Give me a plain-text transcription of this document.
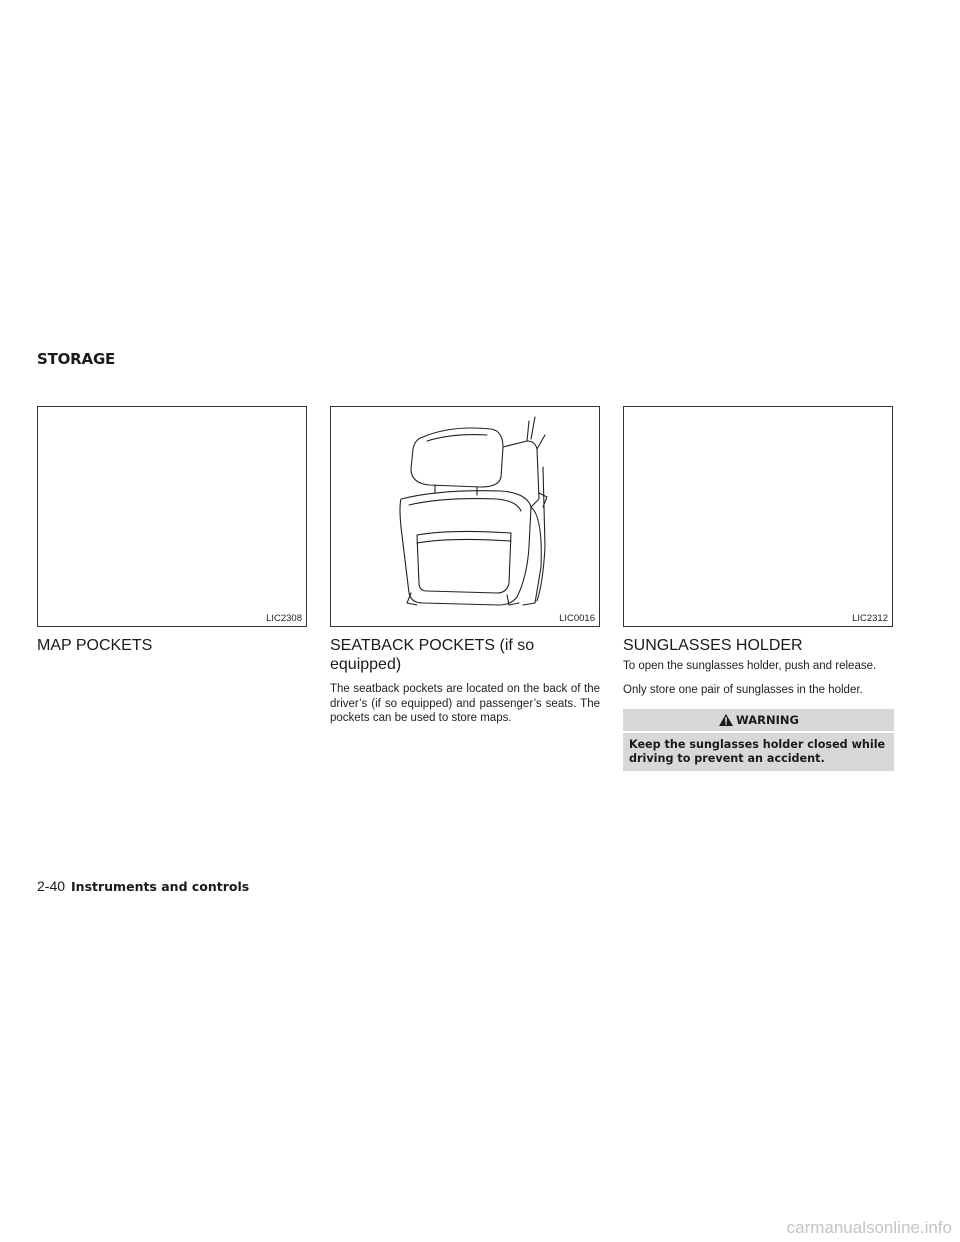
STORAGE
LIC2308
MAP POCKETS
LIC0016
SEATBACK POCKETS (if so equipped)

The seatback pockets are located on the back of the driver’s (if so equipped) and passenger’s seats. The pockets can be used to store maps.

LIC2312
SUNGLASSES HOLDER

To open the sunglasses holder, push and release.

Only store one pair of sunglasses in the holder.

WARNING
Keep the sunglasses holder closed while driving to prevent an accident.
2-40 Instruments and controls
carmanualsonline.info
